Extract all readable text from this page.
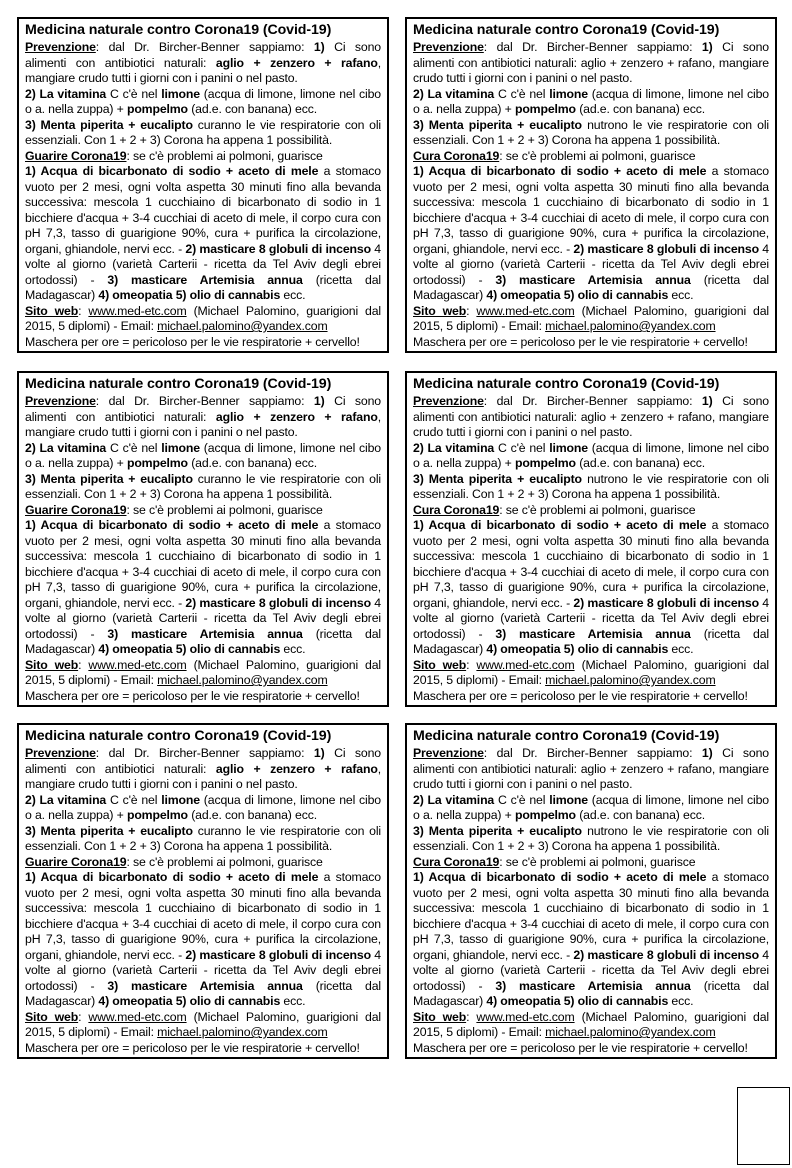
Medicina naturale contro Corona19 (Covid-19)

Prevenzione: dal Dr. Bircher-Benner sappiamo: 1) Ci sono alimenti con antibiotici naturali: aglio + zenzero + rafano, mangiare crudo tutti i giorni con i panini o nel pasto.

2) La vitamina C c'è nel limone (acqua di limone, limone nel cibo o a. nella zuppa) + pompelmo (ad.e. con banana) ecc.

3) Menta piperita + eucalipto curanno le vie respiratorie con oli essenziali. Con 1 + 2 + 3) Corona ha appena 1 possibilità.

Guarire Corona19: se c'è problemi ai polmoni, guarisce

1) Acqua di bicarbonato di sodio + aceto di mele a stomaco vuoto per 2 mesi, ogni volta aspetta 30 minuti fino alla bevanda successiva: mescola 1 cucchiaino di bicarbonato di sodio in 1 bicchiere d'acqua + 3-4 cucchiai di aceto di mele, il corpo cura con pH 7,3, tasso di guarigione 90%, cura + purifica la circolazione, organi, ghiandole, nervi ecc. - 2) masticare 8 globuli di incenso 4 volte al giorno (varietà Carterii - ricetta da Tel Aviv degli ebrei ortodossi) - 3) masticare Artemisia annua (ricetta dal Madagascar) 4) omeopatia 5) olio di cannabis ecc.

Sito web: www.med-etc.com (Michael Palomino, guarigioni dal 2015, 5 diplomi) - Email: michael.palomino@yandex.com

Maschera per ore = pericoloso per le vie respiratorie + cervello!

Medicina naturale contro Corona19 (Covid-19)

Prevenzione: dal Dr. Bircher-Benner sappiamo: 1) Ci sono alimenti con antibiotici naturali: aglio + zenzero + rafano, mangiare crudo tutti i giorni con i panini o nel pasto.

2) La vitamina C c'è nel limone (acqua di limone, limone nel cibo o a. nella zuppa) + pompelmo (ad.e. con banana) ecc.

3) Menta piperita + eucalipto nutrono le vie respiratorie con oli essenziali. Con 1 + 2 + 3) Corona ha appena 1 possibilità.

Cura Corona19: se c'è problemi ai polmoni, guarisce

1) Acqua di bicarbonato di sodio + aceto di mele a stomaco vuoto per 2 mesi, ogni volta aspetta 30 minuti fino alla bevanda successiva: mescola 1 cucchiaino di bicarbonato di sodio in 1 bicchiere d'acqua + 3-4 cucchiai di aceto di mele, il corpo cura con pH 7,3, tasso di guarigione 90%, cura + purifica la circolazione, organi, ghiandole, nervi ecc. - 2) masticare 8 globuli di incenso 4 volte al giorno (varietà Carterii - ricetta da Tel Aviv degli ebrei ortodossi) - 3) masticare Artemisia annua (ricetta dal Madagascar) 4) omeopatia 5) olio di cannabis ecc.

Sito web: www.med-etc.com (Michael Palomino, guarigioni dal 2015, 5 diplomi) - Email: michael.palomino@yandex.com

Maschera per ore = pericoloso per le vie respiratorie + cervello!

Medicina naturale contro Corona19 (Covid-19)

Prevenzione: dal Dr. Bircher-Benner sappiamo: 1) Ci sono alimenti con antibiotici naturali: aglio + zenzero + rafano, mangiare crudo tutti i giorni con i panini o nel pasto.

2) La vitamina C c'è nel limone (acqua di limone, limone nel cibo o a. nella zuppa) + pompelmo (ad.e. con banana) ecc.

3) Menta piperita + eucalipto curanno le vie respiratorie con oli essenziali. Con 1 + 2 + 3) Corona ha appena 1 possibilità.

Guarire Corona19: se c'è problemi ai polmoni, guarisce

1) Acqua di bicarbonato di sodio + aceto di mele a stomaco vuoto per 2 mesi, ogni volta aspetta 30 minuti fino alla bevanda successiva: mescola 1 cucchiaino di bicarbonato di sodio in 1 bicchiere d'acqua + 3-4 cucchiai di aceto di mele, il corpo cura con pH 7,3, tasso di guarigione 90%, cura + purifica la circolazione, organi, ghiandole, nervi ecc. - 2) masticare 8 globuli di incenso 4 volte al giorno (varietà Carterii - ricetta da Tel Aviv degli ebrei ortodossi) - 3) masticare Artemisia annua (ricetta dal Madagascar) 4) omeopatia 5) olio di cannabis ecc.

Sito web: www.med-etc.com (Michael Palomino, guarigioni dal 2015, 5 diplomi) - Email: michael.palomino@yandex.com

Maschera per ore = pericoloso per le vie respiratorie + cervello!

Medicina naturale contro Corona19 (Covid-19)

Prevenzione: dal Dr. Bircher-Benner sappiamo: 1) Ci sono alimenti con antibiotici naturali: aglio + zenzero + rafano, mangiare crudo tutti i giorni con i panini o nel pasto.

2) La vitamina C c'è nel limone (acqua di limone, limone nel cibo o a. nella zuppa) + pompelmo (ad.e. con banana) ecc.

3) Menta piperita + eucalipto nutrono le vie respiratorie con oli essenziali. Con 1 + 2 + 3) Corona ha appena 1 possibilità.

Cura Corona19: se c'è problemi ai polmoni, guarisce

1) Acqua di bicarbonato di sodio + aceto di mele a stomaco vuoto per 2 mesi, ogni volta aspetta 30 minuti fino alla bevanda successiva: mescola 1 cucchiaino di bicarbonato di sodio in 1 bicchiere d'acqua + 3-4 cucchiai di aceto di mele, il corpo cura con pH 7,3, tasso di guarigione 90%, cura + purifica la circolazione, organi, ghiandole, nervi ecc. - 2) masticare 8 globuli di incenso 4 volte al giorno (varietà Carterii - ricetta da Tel Aviv degli ebrei ortodossi) - 3) masticare Artemisia annua (ricetta dal Madagascar) 4) omeopatia 5) olio di cannabis ecc.

Sito web: www.med-etc.com (Michael Palomino, guarigioni dal 2015, 5 diplomi) - Email: michael.palomino@yandex.com

Maschera per ore = pericoloso per le vie respiratorie + cervello!

Medicina naturale contro Corona19 (Covid-19)

Prevenzione: dal Dr. Bircher-Benner sappiamo: 1) Ci sono alimenti con antibiotici naturali: aglio + zenzero + rafano, mangiare crudo tutti i giorni con i panini o nel pasto.

2) La vitamina C c'è nel limone (acqua di limone, limone nel cibo o a. nella zuppa) + pompelmo (ad.e. con banana) ecc.

3) Menta piperita + eucalipto curanno le vie respiratorie con oli essenziali. Con 1 + 2 + 3) Corona ha appena 1 possibilità.

Guarire Corona19: se c'è problemi ai polmoni, guarisce

1) Acqua di bicarbonato di sodio + aceto di mele a stomaco vuoto per 2 mesi, ogni volta aspetta 30 minuti fino alla bevanda successiva: mescola 1 cucchiaino di bicarbonato di sodio in 1 bicchiere d'acqua + 3-4 cucchiai di aceto di mele, il corpo cura con pH 7,3, tasso di guarigione 90%, cura + purifica la circolazione, organi, ghiandole, nervi ecc. - 2) masticare 8 globuli di incenso 4 volte al giorno (varietà Carterii - ricetta da Tel Aviv degli ebrei ortodossi) - 3) masticare Artemisia annua (ricetta dal Madagascar) 4) omeopatia 5) olio di cannabis ecc.

Sito web: www.med-etc.com (Michael Palomino, guarigioni dal 2015, 5 diplomi) - Email: michael.palomino@yandex.com

Maschera per ore = pericoloso per le vie respiratorie + cervello!

Medicina naturale contro Corona19 (Covid-19)

Prevenzione: dal Dr. Bircher-Benner sappiamo: 1) Ci sono alimenti con antibiotici naturali: aglio + zenzero + rafano, mangiare crudo tutti i giorni con i panini o nel pasto.

2) La vitamina C c'è nel limone (acqua di limone, limone nel cibo o a. nella zuppa) + pompelmo (ad.e. con banana) ecc.

3) Menta piperita + eucalipto nutrono le vie respiratorie con oli essenziali. Con 1 + 2 + 3) Corona ha appena 1 possibilità.

Cura Corona19: se c'è problemi ai polmoni, guarisce

1) Acqua di bicarbonato di sodio + aceto di mele a stomaco vuoto per 2 mesi, ogni volta aspetta 30 minuti fino alla bevanda successiva: mescola 1 cucchiaino di bicarbonato di sodio in 1 bicchiere d'acqua + 3-4 cucchiai di aceto di mele, il corpo cura con pH 7,3, tasso di guarigione 90%, cura + purifica la circolazione, organi, ghiandole, nervi ecc. - 2) masticare 8 globuli di incenso 4 volte al giorno (varietà Carterii - ricetta da Tel Aviv degli ebrei ortodossi) - 3) masticare Artemisia annua (ricetta dal Madagascar) 4) omeopatia 5) olio di cannabis ecc.

Sito web: www.med-etc.com (Michael Palomino, guarigioni dal 2015, 5 diplomi) - Email: michael.palomino@yandex.com

Maschera per ore = pericoloso per le vie respiratorie + cervello!
